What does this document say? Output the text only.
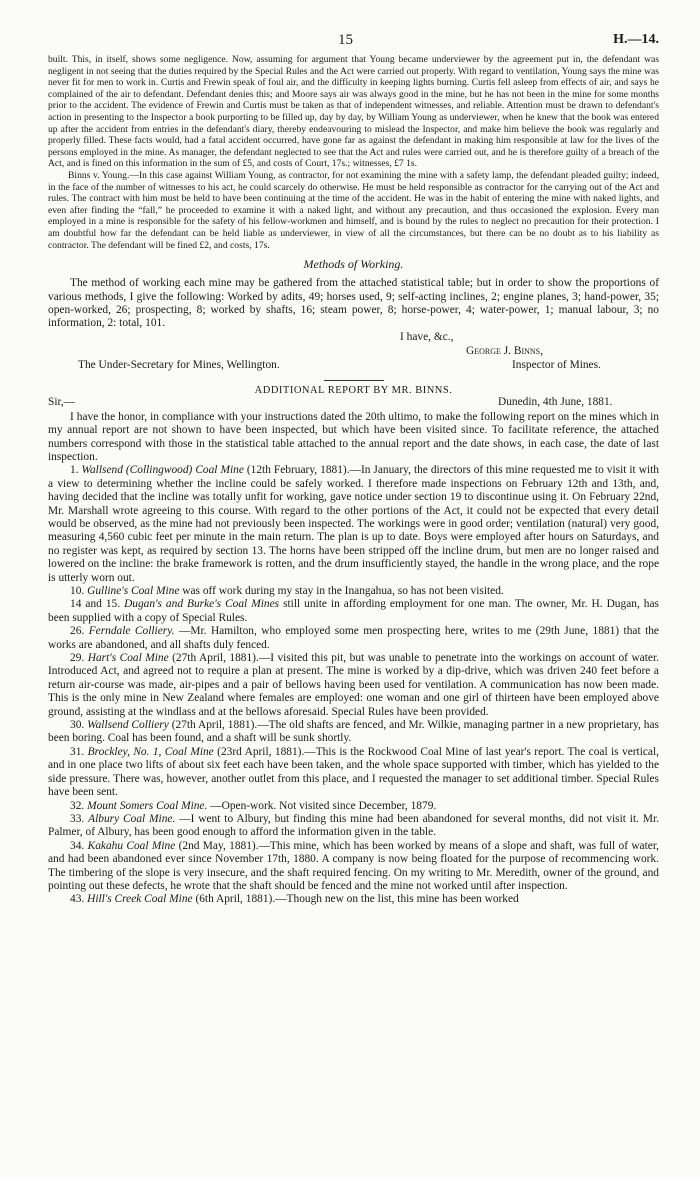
15	H.—14.

built. This, in itself, shows some negligence. Now, assuming for argument that Young became underviewer by the agreement put in, the defendant was negligent in not seeing that the duties required by the Special Rules and the Act were carried out properly. With regard to ventilation, Young says the mine was never fit for men to work in. Curtis and Frewin speak of foul air, and the difficulty in keeping lights burning. Curtis fell asleep from effects of air, and says he complained of the air to defendant. Defendant denies this; and Moore says air was always good in the mine, but he has not been in the mine for some months prior to the accident. The evidence of Frewin and Curtis must be taken as that of independent witnesses, and reliable. Attention must be drawn to defendant's action in presenting to the Inspector a book purporting to be filled up, day by day, by William Young as underviewer, when he knew that the book was entered up after the accident from entries in the defendant's diary, thereby endeavouring to mislead the Inspector, and make him believe the book was regularly and properly filled. These facts would, had a fatal accident occurred, have gone far as against the defendant in making him responsible at law for the lives of the persons employed in the mine. As manager, the defendant neglected to see that the Act and rules were carried out, and he is therefore guilty of a breach of the Act, and is fined on this information in the sum of £5, and costs of Court, 17s.; witnesses, £7 1s.

Binns v. Young.—In this case against William Young, as contractor, for not examining the mine with a safety lamp, the defendant pleaded guilty; indeed, in the face of the number of witnesses to his act, he could scarcely do otherwise. He must be held responsible as contractor for the carrying out of the Act and rules. The contract with him must be held to have been continuing at the time of the accident. He was in the habit of entering the mine with naked lights, and even after finding the “fall,” he proceeded to examine it with a naked light, and without any precaution, and thus occasioned the explosion. Every man employed in a mine is responsible for the safety of his fellow-workmen and himself, and is bound by the rules to neglect no precaution for their protection. I am doubtful how far the defendant can be held liable as underviewer, in view of all the circumstances, but there can be no doubt as to his liability as contractor. The defendant will be fined £2, and costs, 17s.

Methods of Working.

The method of working each mine may be gathered from the attached statistical table; but in order to show the proportions of various methods, I give the following: Worked by adits, 49; horses used, 9; self-acting inclines, 2; engine planes, 3; hand-power, 35; open-worked, 26; prospecting, 8; worked by shafts, 16; steam power, 8; horse-power, 4; water-power, 1; manual labour, 3; no information, 2: total, 101.

I have, &c.,
George J. Binns,
The Under-Secretary for Mines, Wellington.	Inspector of Mines.
ADDITIONAL REPORT BY MR. BINNS.
Sir,—	Dunedin, 4th June, 1881.

I have the honor, in compliance with your instructions dated the 20th ultimo, to make the following report on the mines which in my annual report are not shown to have been inspected, but which have been visited since. To facilitate reference, the attached numbers correspond with those in the statistical table attached to the annual report and the date shows, in each case, the date of last inspection.

1. Wallsend (Collingwood) Coal Mine (12th February, 1881).—In January, the directors of this mine requested me to visit it with a view to determining whether the incline could be safely worked. I therefore made inspections on February 12th and 13th, and, having decided that the incline was totally unfit for working, gave notice under section 19 to discontinue using it. On February 22nd, Mr. Marshall wrote agreeing to this course. With regard to the other portions of the Act, it could not be expected that every detail would be observed, as the mine had not previously been inspected. The workings were in good order; ventilation (natural) very good, measuring 4,560 cubic feet per minute in the main return. The plan is up to date. Boys were employed after hours on Saturdays, and no register was kept, as required by section 13. The horns have been stripped off the incline drum, but men are no longer raised and lowered on the incline: the brake framework is rotten, and the drum insufficiently stayed, the handle in the wrong place, and the rope is utterly worn out.

10. Gulline's Coal Mine was off work during my stay in the Inangahua, so has not been visited.

14 and 15. Dugan's and Burke's Coal Mines still unite in affording employment for one man. The owner, Mr. H. Dugan, has been supplied with a copy of Special Rules.

26. Ferndale Colliery. —Mr. Hamilton, who employed some men prospecting here, writes to me (29th June, 1881) that the works are abandoned, and all shafts duly fenced.

29. Hart's Coal Mine (27th April, 1881).—I visited this pit, but was unable to penetrate into the workings on account of water. Introduced Act, and agreed not to require a plan at present. The mine is worked by a dip-drive, which was driven 240 feet before a return air-course was made, air-pipes and a pair of bellows having been used for ventilation. A communication has now been made. This is the only mine in New Zealand where females are employed: one woman and one girl of thirteen have been employed above ground, assisting at the windlass and at the bellows aforesaid. Special Rules have been provided.

30. Wallsend Colliery (27th April, 1881).—The old shafts are fenced, and Mr. Wilkie, managing partner in a new proprietary, has been boring. Coal has been found, and a shaft will be sunk shortly.

31. Brockley, No. 1, Coal Mine (23rd April, 1881).—This is the Rockwood Coal Mine of last year's report. The coal is vertical, and in one place two lifts of about six feet each have been taken, and the whole space supported with timber, which has yielded to the side pressure. There was, however, another outlet from this place, and I requested the manager to set additional timber. Special Rules have been sent.

32. Mount Somers Coal Mine. —Open-work. Not visited since December, 1879.

33. Albury Coal Mine. —I went to Albury, but finding this mine had been abandoned for several months, did not visit it. Mr. Palmer, of Albury, has been good enough to afford the information given in the table.

34. Kakahu Coal Mine (2nd May, 1881).—This mine, which has been worked by means of a slope and shaft, was full of water, and had been abandoned ever since November 17th, 1880. A company is now being floated for the purpose of recommencing work. The timbering of the slope is very insecure, and the shaft required fencing. On my writing to Mr. Meredith, owner of the ground, and pointing out these defects, he wrote that the shaft should be fenced and the mine not worked until after inspection.

43. Hill's Creek Coal Mine (6th April, 1881).—Though new on the list, this mine has been worked
